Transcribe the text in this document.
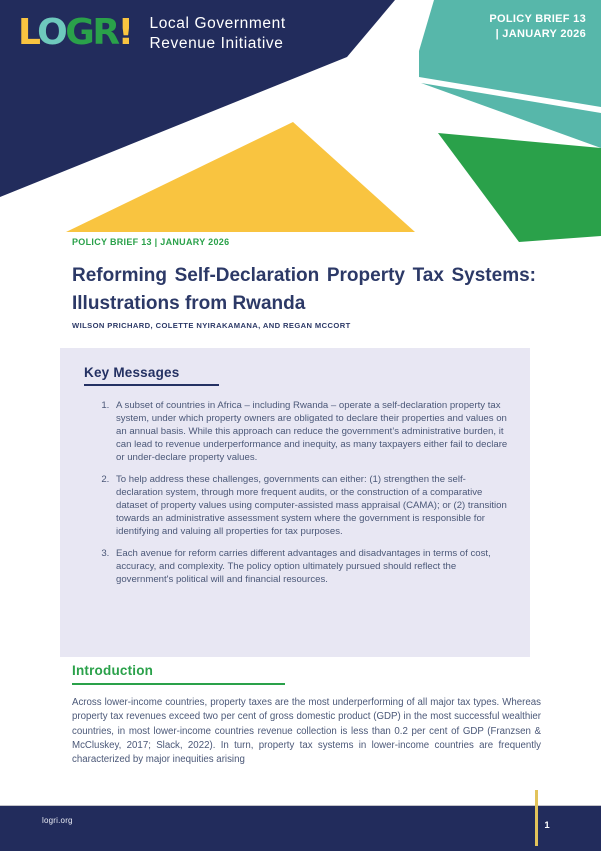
LOGR! Local Government
Revenue Initiative
POLICY BRIEF 13
| JANUARY 2026
POLICY BRIEF 13 | JANUARY 2026
Reforming Self-Declaration Property Tax Systems:
Illustrations from Rwanda
WILSON PRICHARD, COLETTE NYIRAKAMANA, AND REGAN MCCORT
Key Messages
1. A subset of countries in Africa – including Rwanda – operate a self-declaration property tax system, under which property owners are obligated to declare their properties and values on an annual basis. While this approach can reduce the government’s administrative burden, it can lead to revenue underperformance and inequity, as many taxpayers either fail to declare or under-declare property values.
2. To help address these challenges, governments can either: (1) strengthen the self-declaration system, through more frequent audits, or the construction of a comparative dataset of property values using computer-assisted mass appraisal (CAMA); or (2) transition towards an administrative assessment system where the government is responsible for identifying and valuing all properties for tax purposes.
3. Each avenue for reform carries different advantages and disadvantages in terms of cost, accuracy, and complexity. The policy option ultimately pursued should reflect the government's political will and financial resources.
Introduction

Across lower-income countries, property taxes are the most underperforming of all major tax types. Whereas property tax revenues exceed two per cent of gross domestic product (GDP) in the most successful wealthier countries, in most lower-income countries revenue collection is less than 0.2 per cent of GDP (Franzsen & McCluskey, 2017; Slack, 2022). In turn, property tax systems in lower-income countries are frequently characterized by major inequities arising

logri.org	1
